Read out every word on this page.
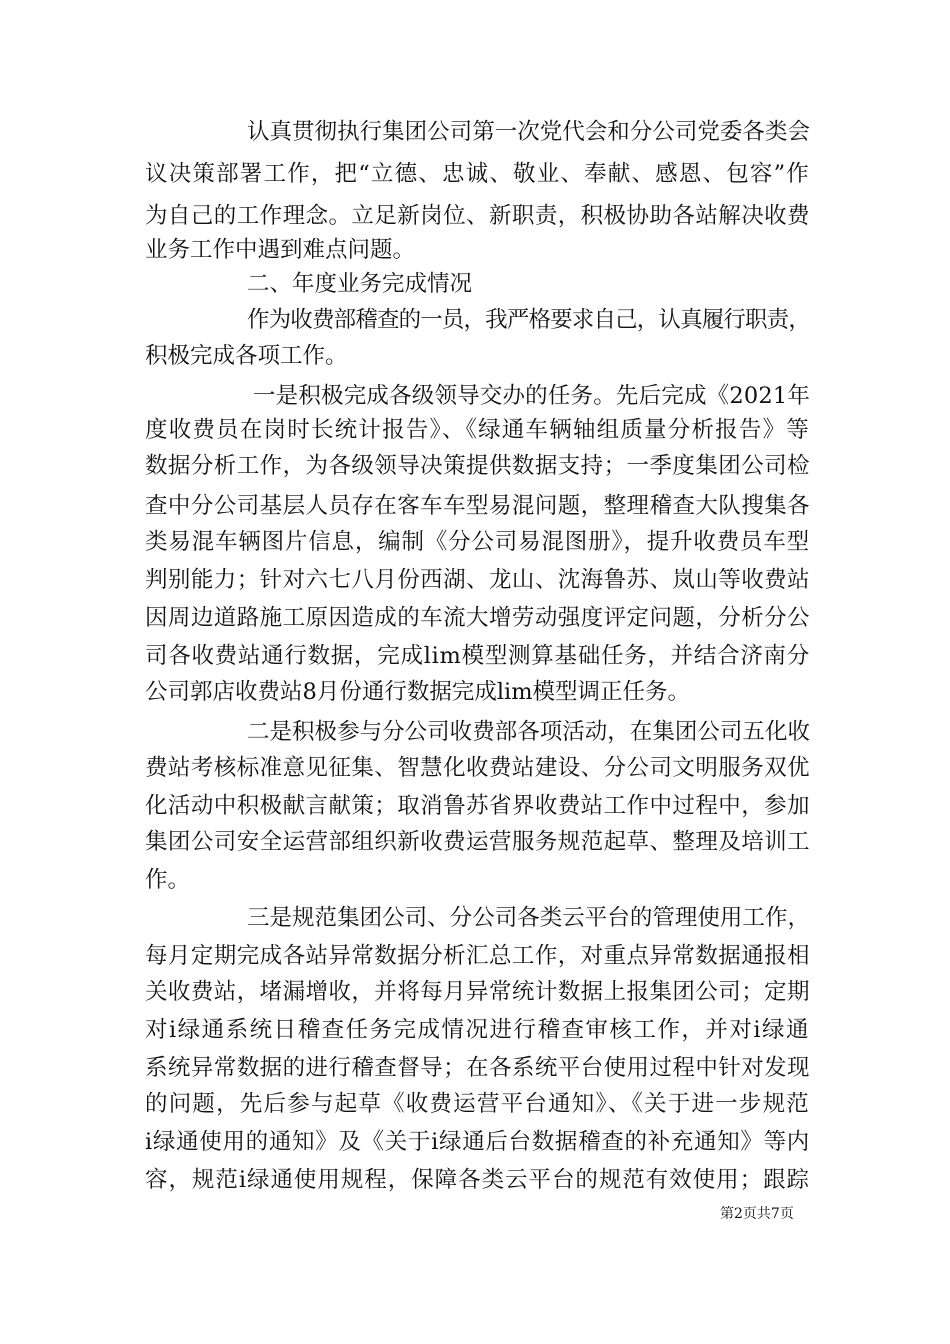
认真贯彻执行集团公司第一次党代会和分公司党委各类会
议决策部署工作，把“立德、忠诚、敬业、奉献、感恩、包容”作
为自己的工作理念。立足新岗位、新职责，积极协助各站解决收费
业务工作中遇到难点问题。
二、年度业务完成情况
作为收费部稽查的一员，我严格要求自己，认真履行职责，
积极完成各项工作。
一是积极完成各级领导交办的任务。先后完成《2021年
度收费员在岗时长统计报告》、《绿通车辆轴组质量分析报告》等
数据分析工作，为各级领导决策提供数据支持；一季度集团公司检
查中分公司基层人员存在客车车型易混问题，整理稽查大队搜集各
类易混车辆图片信息，编制《分公司易混图册》，提升收费员车型
判别能力；针对六七八月份西湖、龙山、沈海鲁苏、岚山等收费站
因周边道路施工原因造成的车流大增劳动强度评定问题，分析分公
司各收费站通行数据，完成lim模型测算基础任务，并结合济南分
公司郭店收费站8月份通行数据完成lim模型调正任务。
二是积极参与分公司收费部各项活动，在集团公司五化收
费站考核标准意见征集、智慧化收费站建设、分公司文明服务双优
化活动中积极献言献策；取消鲁苏省界收费站工作中过程中，参加
集团公司安全运营部组织新收费运营服务规范起草、整理及培训工
作。
三是规范集团公司、分公司各类云平台的管理使用工作，
每月定期完成各站异常数据分析汇总工作，对重点异常数据通报相
关收费站，堵漏增收，并将每月异常统计数据上报集团公司；定期
对i绿通系统日稽查任务完成情况进行稽查审核工作，并对i绿通
系统异常数据的进行稽查督导；在各系统平台使用过程中针对发现
的问题，先后参与起草《收费运营平台通知》、《关于进一步规范
i绿通使用的通知》及《关于i绿通后台数据稽查的补充通知》等内
容，规范i绿通使用规程，保障各类云平台的规范有效使用；跟踪
第2页共7页
